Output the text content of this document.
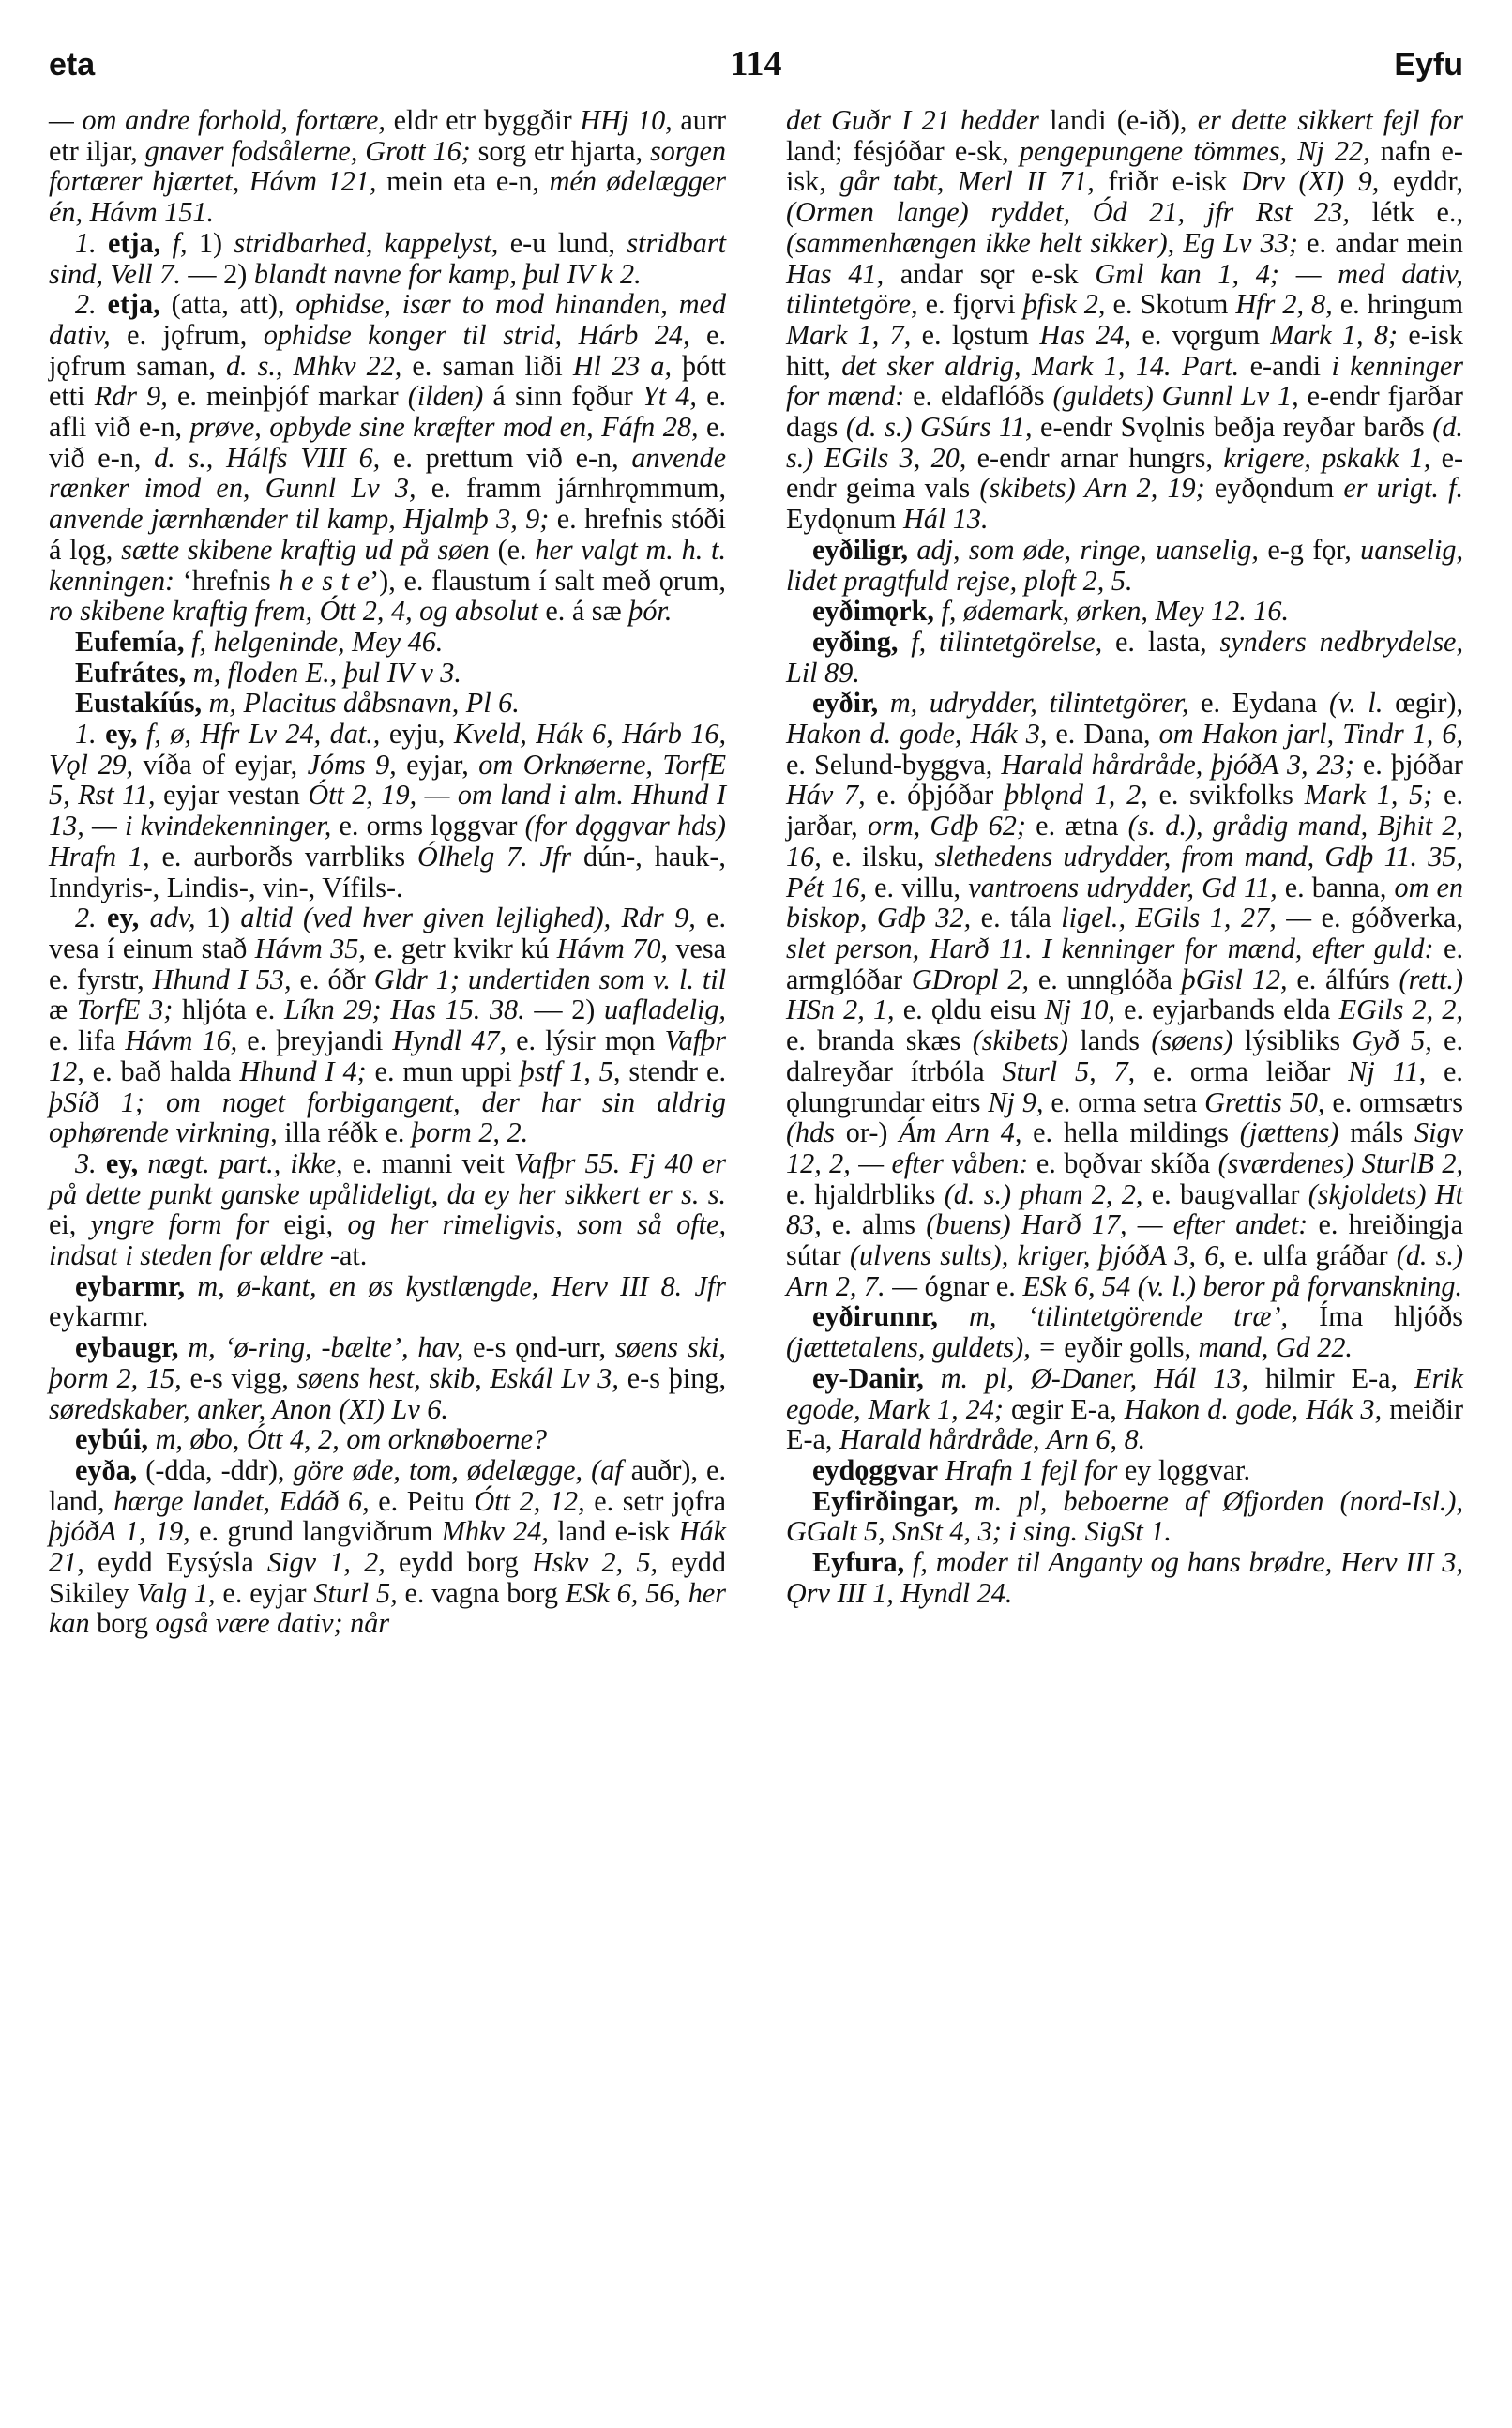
eta	114	Eyfu

— om andre forhold, fortære, eldr etr byggðir HHj 10, aurr etr iljar, gnaver fodsålerne, Grott 16; sorg etr hjarta, sorgen fortærer hjærtet, Hávm 121, mein eta e-n, mén ødelægger én, Hávm 151.

1. etja, f, 1) stridbarhed, kappelyst, e-u lund, stridbart sind, Vell 7. — 2) blandt navne for kamp, þul IV k 2.

2. etja, (atta, att), ophidse, især to mod hinanden, med dativ, e. jǫfrum, ophidse konger til strid, Hárb 24, e. jǫfrum saman, d. s., Mhkv 22, e. saman liði Hl 23 a, þótt etti Rdr 9, e. meinþjóf markar (ilden) á sinn fǫður Yt 4, e. afli við e-n, prøve, opbyde sine kræfter mod en, Fáfn 28, e. við e-n, d. s., Hálfs VIII 6, e. prettum við e-n, anvende rænker imod en, Gunnl Lv 3, e. framm járnhrǫmmum, anvende jærnhænder til kamp, Hjalmþ 3, 9; e. hrefnis stóði á lǫg, sætte skibene kraftig ud på søen (e. her valgt m. h. t. kenningen: ‘hrefnis h e s t e’), e. flaustum í salt með ǫrum, ro skibene kraftig frem, Ótt 2, 4, og absolut e. á sæ þór.

Eufemía, f, helgeninde, Mey 46.

Eufrátes, m, floden E., þul IV v 3.

Eustakíús, m, Placitus dåbsnavn, Pl 6.

1. ey, f, ø, Hfr Lv 24, dat., eyju, Kveld, Hák 6, Hárb 16, Vǫl 29, víða of eyjar, Jóms 9, eyjar, om Orknøerne, TorfE 5, Rst 11, eyjar vestan Ótt 2, 19, — om land i alm. Hhund I 13, — i kvindekenninger, e. orms lǫggvar (for dǫggvar hds) Hrafn 1, e. aurborðs varrbliks Ólhelg 7. Jfr dún-, hauk-, Inndyris-, Lindis-, vin-, Vífils-.

2. ey, adv, 1) altid (ved hver given lejlighed), Rdr 9, e. vesa í einum stað Hávm 35, e. getr kvikr kú Hávm 70, vesa e. fyrstr, Hhund I 53, e. óðr Gldr 1; undertiden som v. l. til æ TorfE 3; hljóta e. Líkn 29; Has 15. 38. — 2) uafladelig, e. lifa Hávm 16, e. þreyjandi Hyndl 47, e. lýsir mǫn Vafþr 12, e. bað halda Hhund I 4; e. mun uppi þstf 1, 5, stendr e. þSíð 1; om noget forbigangent, der har sin aldrig ophørende virkning, illa réðk e. þorm 2, 2.

3. ey, nægt. part., ikke, e. manni veit Vafþr 55. Fj 40 er på dette punkt ganske upålideligt, da ey her sikkert er s. s. ei, yngre form for eigi, og her rimeligvis, som så ofte, indsat i steden for ældre -at.

eybarmr, m, ø-kant, en øs kystlængde, Herv III 8. Jfr eykarmr.

eybaugr, m, ‘ø-ring, -bælte’, hav, e-s ǫnd-urr, søens ski, þorm 2, 15, e-s vigg, søens hest, skib, Eskál Lv 3, e-s þing, søredskaber, anker, Anon (XI) Lv 6.

eybúi, m, øbo, Ótt 4, 2, om orknøboerne?

eyða, (-dda, -ddr), göre øde, tom, ødelægge, (af auðr), e. land, hærge landet, Edáð 6, e. Peitu Ótt 2, 12, e. setr jǫfra þjóðA 1, 19, e. grund langviðrum Mhkv 24, land e-isk Hák 21, eydd Eysýsla Sigv 1, 2, eydd borg Hskv 2, 5, eydd Sikiley Valg 1, e. eyjar Sturl 5, e. vagna borg ESk 6, 56, her kan borg også være dativ; når

det Guðr I 21 hedder landi (e-ið), er dette sikkert fejl for land; fésjóðar e-sk, pengepungene tömmes, Nj 22, nafn e-isk, går tabt, Merl II 71, friðr e-isk Drv (XI) 9, eyddr, (Ormen lange) ryddet, Ód 21, jfr Rst 23, létk e., (sammenhængen ikke helt sikker), Eg Lv 33; e. andar mein Has 41, andar sǫr e-sk Gml kan 1, 4; — med dativ, tilintetgöre, e. fjǫrvi þfisk 2, e. Skotum Hfr 2, 8, e. hringum Mark 1, 7, e. lǫstum Has 24, e. vǫrgum Mark 1, 8; e-isk hitt, det sker aldrig, Mark 1, 14. Part. e-andi i kenninger for mænd: e. eldaflóðs (guldets) Gunnl Lv 1, e-endr fjarðar dags (d. s.) GSúrs 11, e-endr Svǫlnis beðja reyðar barðs (d. s.) EGils 3, 20, e-endr arnar hungrs, krigere, pskakk 1, e-endr geima vals (skibets) Arn 2, 19; eyðǫndum er urigt. f. Eydǫnum Hál 13.

eyðiligr, adj, som øde, ringe, uanselig, e-g fǫr, uanselig, lidet pragtfuld rejse, ploft 2, 5.

eyðimǫrk, f, ødemark, ørken, Mey 12. 16.

eyðing, f, tilintetgörelse, e. lasta, synders nedbrydelse, Lil 89.

eyðir, m, udrydder, tilintetgörer, e. Eydana (v. l. œgir), Hakon d. gode, Hák 3, e. Dana, om Hakon jarl, Tindr 1, 6, e. Selund-byggva, Harald hårdråde, þjóðA 3, 23; e. þjóðar Háv 7, e. óþjóðar þblǫnd 1, 2, e. svikfolks Mark 1, 5; e. jarðar, orm, Gdþ 62; e. ætna (s. d.), grådig mand, Bjhit 2, 16, e. ilsku, slethedens udrydder, from mand, Gdþ 11. 35, Pét 16, e. villu, vantroens udrydder, Gd 11, e. banna, om en biskop, Gdþ 32, e. tála ligel., EGils 1, 27, — e. góðverka, slet person, Harð 11. I kenninger for mænd, efter guld: e. armglóðar GDropl 2, e. unnglóða þGisl 12, e. álfúrs (rett.) HSn 2, 1, e. ǫldu eisu Nj 10, e. eyjarbands elda EGils 2, 2, e. branda skæs (skibets) lands (søens) lýsibliks Gyð 5, e. dalreyðar ítrbóla Sturl 5, 7, e. orma leiðar Nj 11, e. ǫlungrundar eitrs Nj 9, e. orma setra Grettis 50, e. ormsætrs (hds or-) Ám Arn 4, e. hella mildings (jættens) máls Sigv 12, 2, — efter våben: e. bǫðvar skíða (sværdenes) SturlB 2, e. hjaldrbliks (d. s.) pham 2, 2, e. baugvallar (skjoldets) Ht 83, e. alms (buens) Harð 17, — efter andet: e. hreiðingja sútar (ulvens sults), kriger, þjóðA 3, 6, e. ulfa gráðar (d. s.) Arn 2, 7. — ógnar e. ESk 6, 54 (v. l.) beror på forvanskning.

eyðirunnr, m, ‘tilintetgörende træ’, Íma hljóðs (jættetalens, guldets), = eyðir golls, mand, Gd 22.

ey-Danir, m. pl, Ø-Daner, Hál 13, hilmir E-a, Erik egode, Mark 1, 24; œgir E-a, Hakon d. gode, Hák 3, meiðir E-a, Harald hårdråde, Arn 6, 8.

eydǫggvar Hrafn 1 fejl for ey lǫggvar.

Eyfirðingar, m. pl, beboerne af Øfjorden (nord-Isl.), GGalt 5, SnSt 4, 3; i sing. SigSt 1.

Eyfura, f, moder til Anganty og hans brødre, Herv III 3, Ǫrv III 1, Hyndl 24.
